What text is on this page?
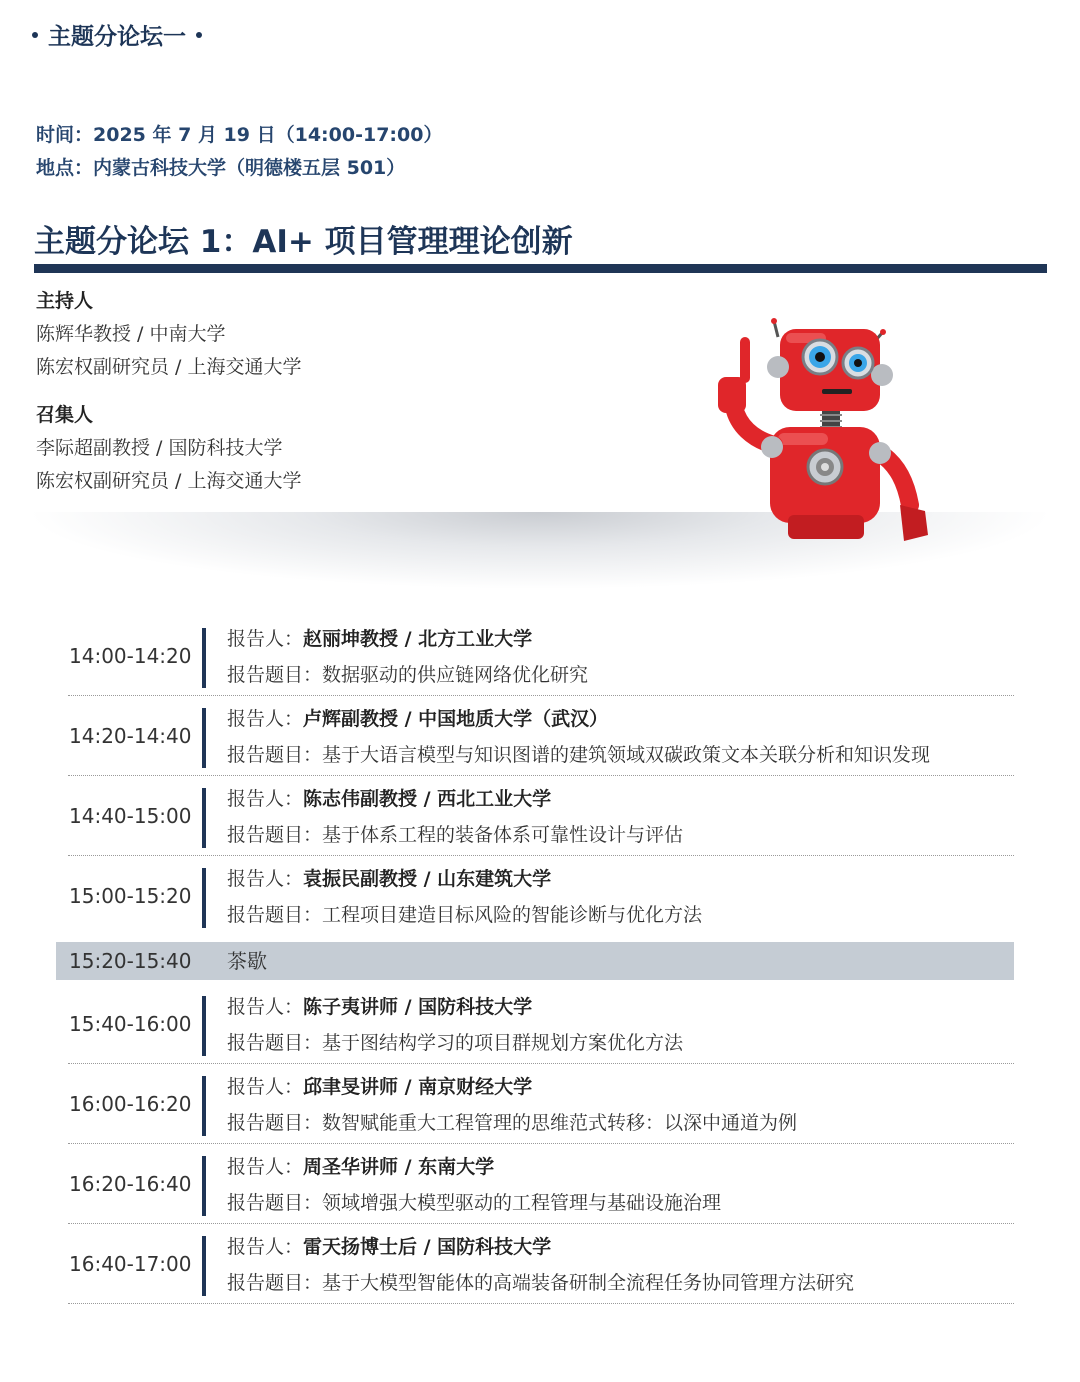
主题分论坛一
时间：2025 年 7 月 19 日（14:00-17:00）
地点：内蒙古科技大学（明德楼五层 501）
主题分论坛 1：AI+ 项目管理理论创新
主持人
陈辉华教授 / 中南大学
陈宏权副研究员 / 上海交通大学
召集人
李际超副教授 / 国防科技大学
陈宏权副研究员 / 上海交通大学
14:00-14:20
报告人：赵丽坤教授 / 北方工业大学
报告题目：数据驱动的供应链网络优化研究
14:20-14:40
报告人：卢辉副教授 / 中国地质大学（武汉）
报告题目：基于大语言模型与知识图谱的建筑领域双碳政策文本关联分析和知识发现
14:40-15:00
报告人：陈志伟副教授 / 西北工业大学
报告题目：基于体系工程的装备体系可靠性设计与评估
15:00-15:20
报告人：袁振民副教授 / 山东建筑大学
报告题目：工程项目建造目标风险的智能诊断与优化方法
15:20-15:40 茶歇
15:40-16:00
报告人：陈子夷讲师 / 国防科技大学
报告题目：基于图结构学习的项目群规划方案优化方法
16:00-16:20
报告人：邱聿旻讲师 / 南京财经大学
报告题目：数智赋能重大工程管理的思维范式转移：以深中通道为例
16:20-16:40
报告人：周圣华讲师 / 东南大学
报告题目：领域增强大模型驱动的工程管理与基础设施治理
16:40-17:00
报告人：雷天扬博士后 / 国防科技大学
报告题目：基于大模型智能体的高端装备研制全流程任务协同管理方法研究
